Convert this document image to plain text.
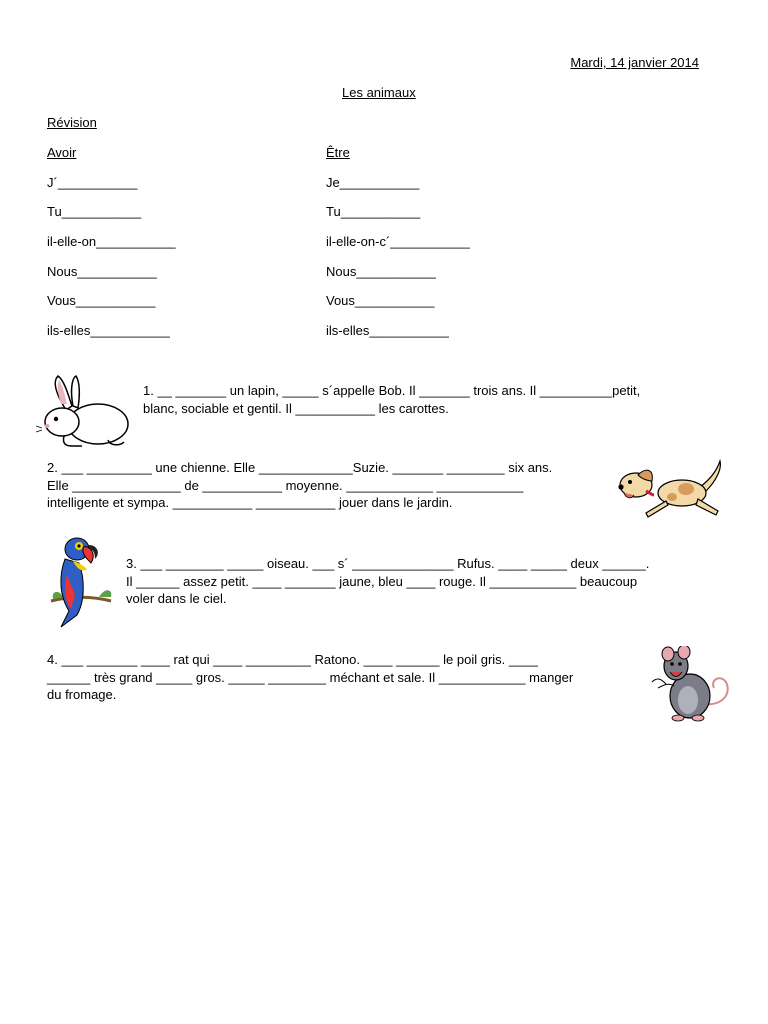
Mardi, 14 janvier 2014
Les animaux
Révision
Avoir	Être
J´___________
Tu___________
il-elle-on___________
Nous___________
Vous___________
ils-elles___________
Je___________
Tu___________
il-elle-on-c´___________
Nous___________
Vous___________
ils-elles___________
1. __ _______ un lapin, _____ s´appelle Bob. Il _______ trois ans. Il __________petit,
blanc, sociable et gentil. Il ___________ les carottes.
2. ___ _________ une chienne. Elle _____________Suzie. _______ ________ six ans.
Elle _______________ de ___________ moyenne. ____________ ____________
intelligente et sympa. ___________ ___________ jouer dans le jardin.
3. ___ ________ _____ oiseau. ___ s´ ______________ Rufus. ____ _____ deux ______.
Il ______ assez petit. ____ _______ jaune, bleu ____ rouge. Il ____________ beaucoup
voler dans le ciel.
4. ___ _______ ____ rat qui ____ _________ Ratono. ____ ______ le poil gris. ____
______ très grand _____ gros. _____ ________ méchant et sale. Il ____________ manger
du fromage.
